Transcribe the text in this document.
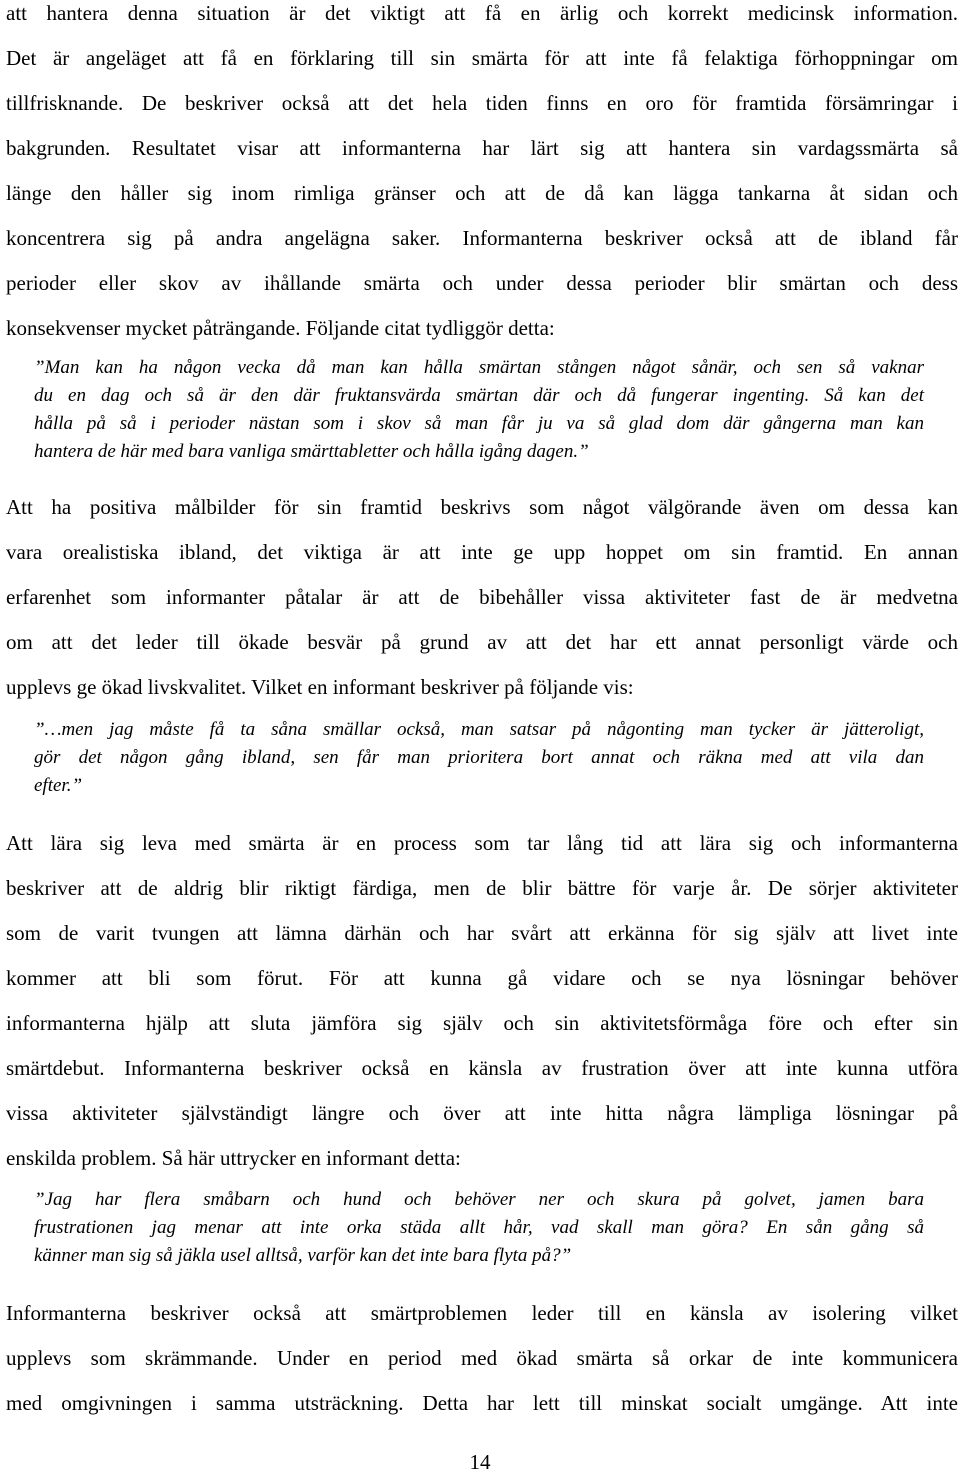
att hantera denna situation är det viktigt att få en ärlig och korrekt medicinsk information.
Det är angeläget att få en förklaring till sin smärta för att inte få felaktiga förhoppningar om
tillfrisknande. De beskriver också att det hela tiden finns en oro för framtida försämringar i
bakgrunden. Resultatet visar att informanterna har lärt sig att hantera sin vardagssmärta så
länge den håller sig inom rimliga gränser och att de då kan lägga tankarna åt sidan och
koncentrera sig på andra angelägna saker. Informanterna beskriver också att de ibland får
perioder eller skov av ihållande smärta och under dessa perioder blir smärtan och dess
konsekvenser mycket påträngande. Följande citat tydliggör detta:
”Man kan ha någon vecka då man kan hålla smärtan stången något sånär, och sen så vaknar
du en dag och så är den där fruktansvärda smärtan där och då fungerar ingenting. Så kan det
hålla på så i perioder nästan som i skov så man får ju va så glad dom där gångerna man kan
hantera de här med bara vanliga smärttabletter och hålla igång dagen.”
Att ha positiva målbilder för sin framtid beskrivs som något välgörande även om dessa kan
vara orealistiska ibland, det viktiga är att inte ge upp hoppet om sin framtid. En annan
erfarenhet som informanter påtalar är att de bibehåller vissa aktiviteter fast de är medvetna
om att det leder till ökade besvär på grund av att det har ett annat personligt värde och
upplevs ge ökad livskvalitet. Vilket en informant beskriver på följande vis:
”…men jag måste få ta såna smällar också, man satsar på någonting man tycker är jätteroligt,
gör det någon gång ibland, sen får man prioritera bort annat och räkna med att vila dan
efter.”
Att lära sig leva med smärta är en process som tar lång tid att lära sig och informanterna
beskriver att de aldrig blir riktigt färdiga, men de blir bättre för varje år. De sörjer aktiviteter
som de varit tvungen att lämna därhän och har svårt att erkänna för sig själv att livet inte
kommer att bli som förut. För att kunna gå vidare och se nya lösningar behöver
informanterna hjälp att sluta jämföra sig själv och sin aktivitetsförmåga före och efter sin
smärtdebut. Informanterna beskriver också en känsla av frustration över att inte kunna utföra
vissa aktiviteter självständigt längre och över att inte hitta några lämpliga lösningar på
enskilda problem. Så här uttrycker en informant detta:
”Jag har flera småbarn och hund och behöver ner och skura på golvet, jamen bara
frustrationen jag menar att inte orka städa allt hår, vad skall man göra? En sån gång så
känner man sig så jäkla usel alltså, varför kan det inte bara flyta på?”
Informanterna beskriver också att smärtproblemen leder till en känsla av isolering vilket
upplevs som skrämmande. Under en period med ökad smärta så orkar de inte kommunicera
med omgivningen i samma utsträckning. Detta har lett till minskat socialt umgänge. Att inte
14
